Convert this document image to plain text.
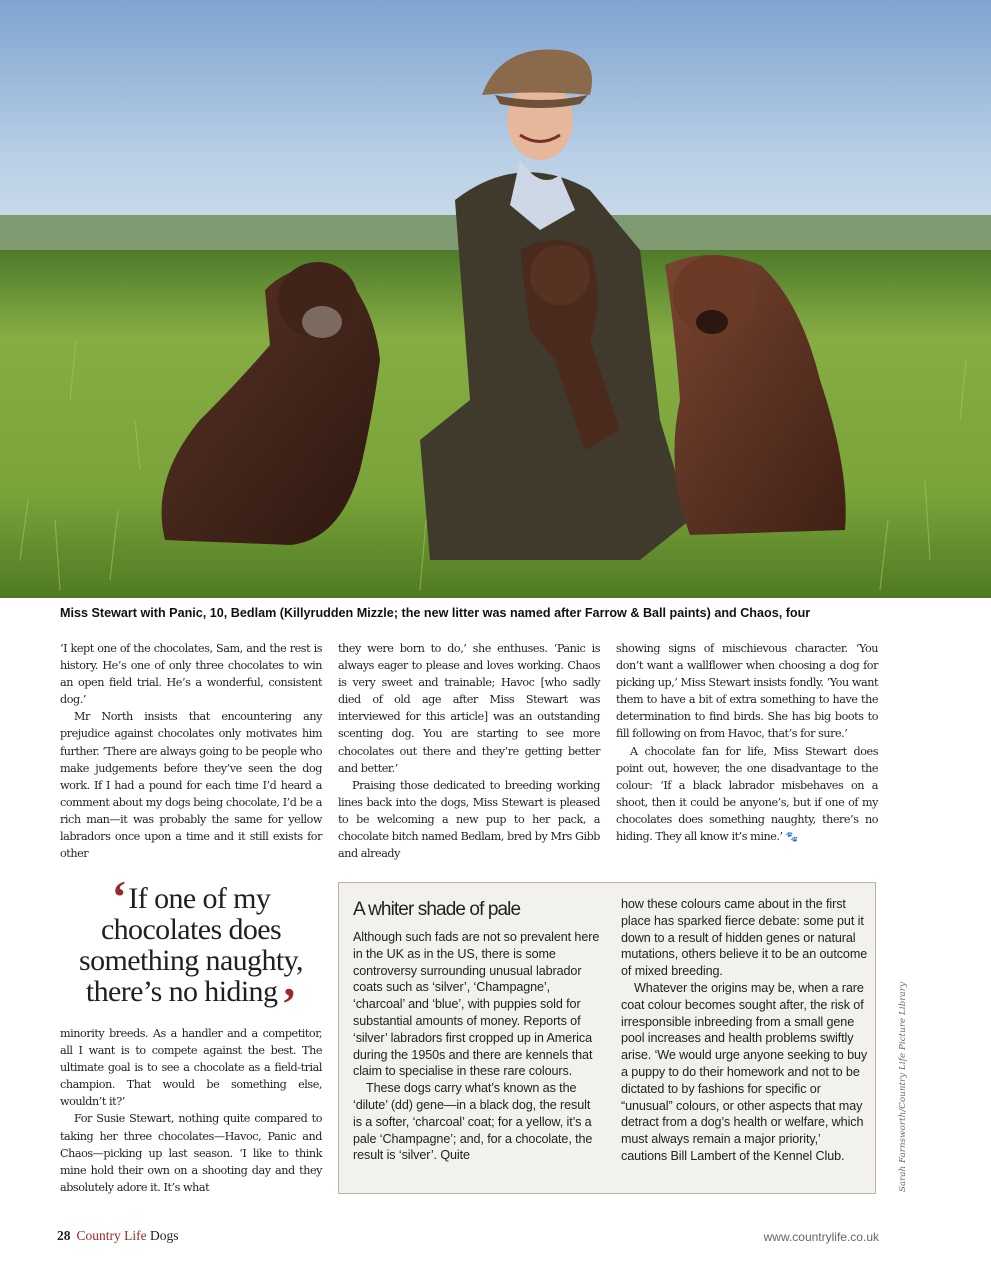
Miss Stewart with Panic, 10, Bedlam (Killyrudden Mizzle; the new litter was named after Farrow & Ball paints) and Chaos, four

‘I kept one of the chocolates, Sam, and the rest is history. He’s one of only three chocolates to win an open field trial. He’s a wonderful, consistent dog.’

Mr North insists that encountering any prejudice against chocolates only motivates him further. ‘There are always going to be people who make judgements before they’ve seen the dog work. If I had a pound for each time I’d heard a comment about my dogs being chocolate, I’d be a rich man—it was probably the same for yellow labradors once upon a time and it still exists for other

they were born to do,’ she enthuses. ‘Panic is always eager to please and loves working. Chaos is very sweet and trainable; Havoc [who sadly died of old age after Miss Stewart was interviewed for this article] was an outstanding scenting dog. You are starting to see more chocolates out there and they’re getting better and better.’

Praising those dedicated to breeding working lines back into the dogs, Miss Stewart is pleased to be welcoming a new pup to her pack, a chocolate bitch named Bedlam, bred by Mrs Gibb and already

showing signs of mischievous character. ‘You don’t want a wallflower when choosing a dog for picking up,’ Miss Stewart insists fondly. ‘You want them to have a bit of extra something to have the determination to find birds. She has big boots to fill following on from Havoc, that’s for sure.’

A chocolate fan for life, Miss Stewart does point out, however, the one disadvantage to the colour: ‘If a black labrador misbehaves on a shoot, then it could be anyone’s, but if one of my chocolates does something naughty, there’s no hiding. They all know it’s mine.’ 🐾

‘If one of my chocolates does something naughty, there’s no hiding’

minority breeds. As a handler and a competitor, all I want is to compete against the best. The ultimate goal is to see a chocolate as a field-trial champion. That would be something else, wouldn’t it?’

For Susie Stewart, nothing quite compared to taking her three chocolates—Havoc, Panic and Chaos—picking up last season. ‘I like to think mine hold their own on a shooting day and they absolutely adore it. It’s what

A whiter shade of pale

Although such fads are not so prevalent here in the UK as in the US, there is some controversy surrounding unusual labrador coats such as ‘silver’, ‘Champagne’, ‘charcoal’ and ‘blue’, with puppies sold for substantial amounts of money. Reports of ‘silver’ labradors first cropped up in America during the 1950s and there are kennels that claim to specialise in these rare colours.

These dogs carry what’s known as the ‘dilute’ (dd) gene—in a black dog, the result is a softer, ‘charcoal’ coat; for a yellow, it’s a pale ‘Champagne’; and, for a chocolate, the result is ‘silver’. Quite

how these colours came about in the first place has sparked fierce debate: some put it down to a result of hidden genes or natural mutations, others believe it to be an outcome of mixed breeding.

Whatever the origins may be, when a rare coat colour becomes sought after, the risk of irresponsible inbreeding from a small gene pool increases and health problems swiftly arise. ‘We would urge anyone seeking to buy a puppy to do their homework and not to be dictated to by fashions for specific or “unusual” colours, or other aspects that may detract from a dog’s health or welfare, which must always remain a major priority,’ cautions Bill Lambert of the Kennel Club.	Sarah Farnsworth/Country Life Picture Library
28 Country Life Dogs	www.countrylife.co.uk
